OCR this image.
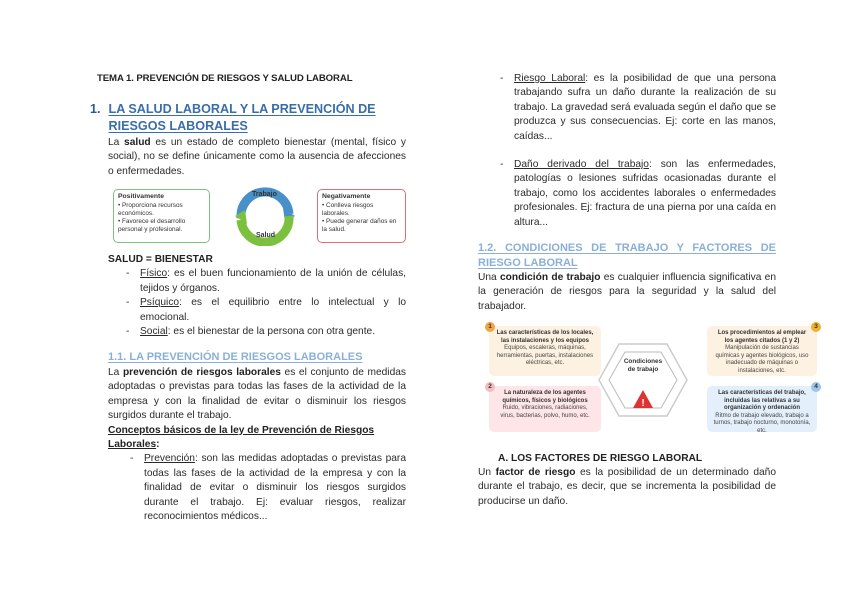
TEMA 1. PREVENCIÓN DE RIESGOS Y SALUD LABORAL
1. LA SALUD LABORAL Y LA PREVENCIÓN DE RIESGOS LABORALES
La salud es un estado de completo bienestar (mental, físico y social), no se define únicamente como la ausencia de afecciones o enfermedades.
Positivamente
• Proporciona recursos económicos.
• Favorece el desarrollo personal y profesional.
Trabajo
Salud
Negativamente
• Conlleva riesgos laborales.
• Puede generar daños en la salud.
SALUD = BIENESTAR
-	Físico: es el buen funcionamiento de la unión de células, tejidos y órganos.
-	Psíquico: es el equilibrio entre lo intelectual y lo emocional.
-	Social: es el bienestar de la persona con otra gente.
1.1. LA PREVENCIÓN DE RIESGOS LABORALES
La prevención de riesgos laborales es el conjunto de medidas adoptadas o previstas para todas las fases de la actividad de la empresa y con la finalidad de evitar o disminuir los riesgos surgidos durante el trabajo.
Conceptos básicos de la ley de Prevención de Riesgos Laborales:
-	Prevención: son las medidas adoptadas o previstas para todas las fases de la actividad de la empresa y con la finalidad de evitar o disminuir los riesgos surgidos durante el trabajo. Ej: evaluar riesgos, realizar reconocimientos médicos...
-	Riesgo Laboral: es la posibilidad de que una persona trabajando sufra un daño durante la realización de su trabajo. La gravedad será evaluada según el daño que se produzca y sus consecuencias. Ej: corte en las manos, caídas...
-	Daño derivado del trabajo: son las enfermedades, patologías o lesiones sufridas ocasionadas durante el trabajo, como los accidentes laborales o enfermedades profesionales. Ej: fractura de una pierna por una caída en altura...
1.2. CONDICIONES DE TRABAJO Y FACTORES DE RIESGO LABORAL
Una condición de trabajo es cualquier influencia significativa en la generación de riesgos para la seguridad y la salud del trabajador.
!
Condiciones de trabajo
Las características de los locales, las instalaciones y los equipos
Equipos, escaleras, máquinas, herramientas, puertas, instalaciones eléctricas, etc.
1
La naturaleza de los agentes químicos, físicos y biológicos
Ruido, vibraciones, radiaciones, virus, bacterias, polvo, humo, etc.
2
Los procedimientos al emplear los agentes citados (1 y 2)
Manipulación de sustancias químicas y agentes biológicos, uso inadecuado de máquinas o instalaciones, etc.
3
Las características del trabajo, incluidas las relativas a su organización y ordenación
Ritmo de trabajo elevado, trabajo a turnos, trabajo nocturno, monotonía, etc.
4
A. LOS FACTORES DE RIESGO LABORAL
Un factor de riesgo es la posibilidad de un determinado daño durante el trabajo, es decir, que se incrementa la posibilidad de producirse un daño.
